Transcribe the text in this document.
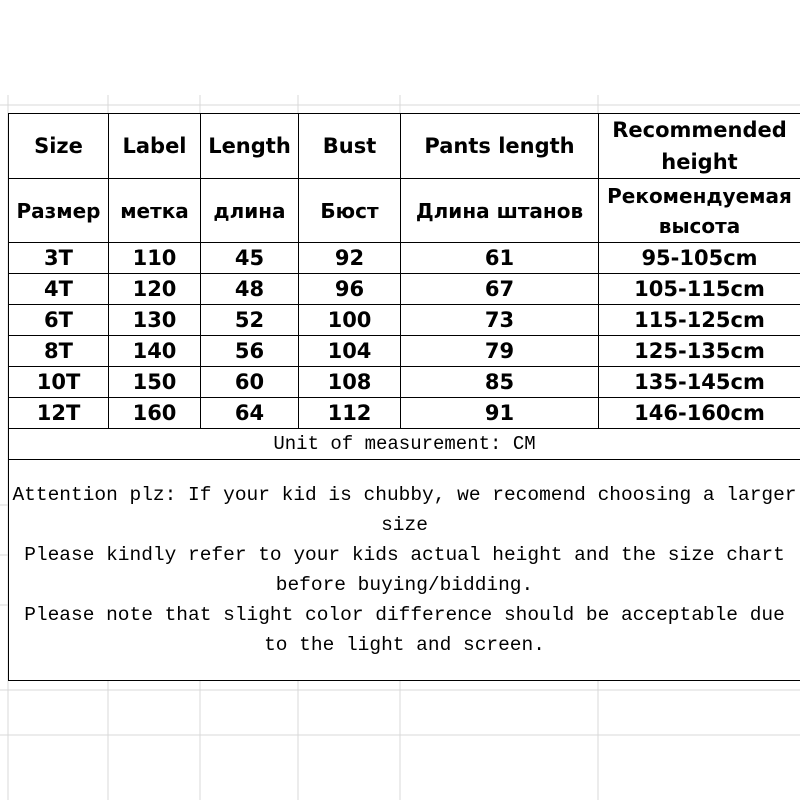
Size	Label	Length	Bust	Pants length	Recommended height
Размер	метка	длина	Бюст	Длина штанов	Рекомендуемая высота
3T	110	45	92	61	95-105cm
4T	120	48	96	67	105-115cm
6T	130	52	100	73	115-125cm
8T	140	56	104	79	125-135cm
10T	150	60	108	85	135-145cm
12T	160	64	112	91	146-160cm
Unit of measurement: CM					

Attention plz: If your kid is chubby, we recomend choosing a larger size
Please kindly refer to your kids actual height and the size chart before buying/bidding.
Please note that slight color difference should be acceptable due to the light and screen.					
